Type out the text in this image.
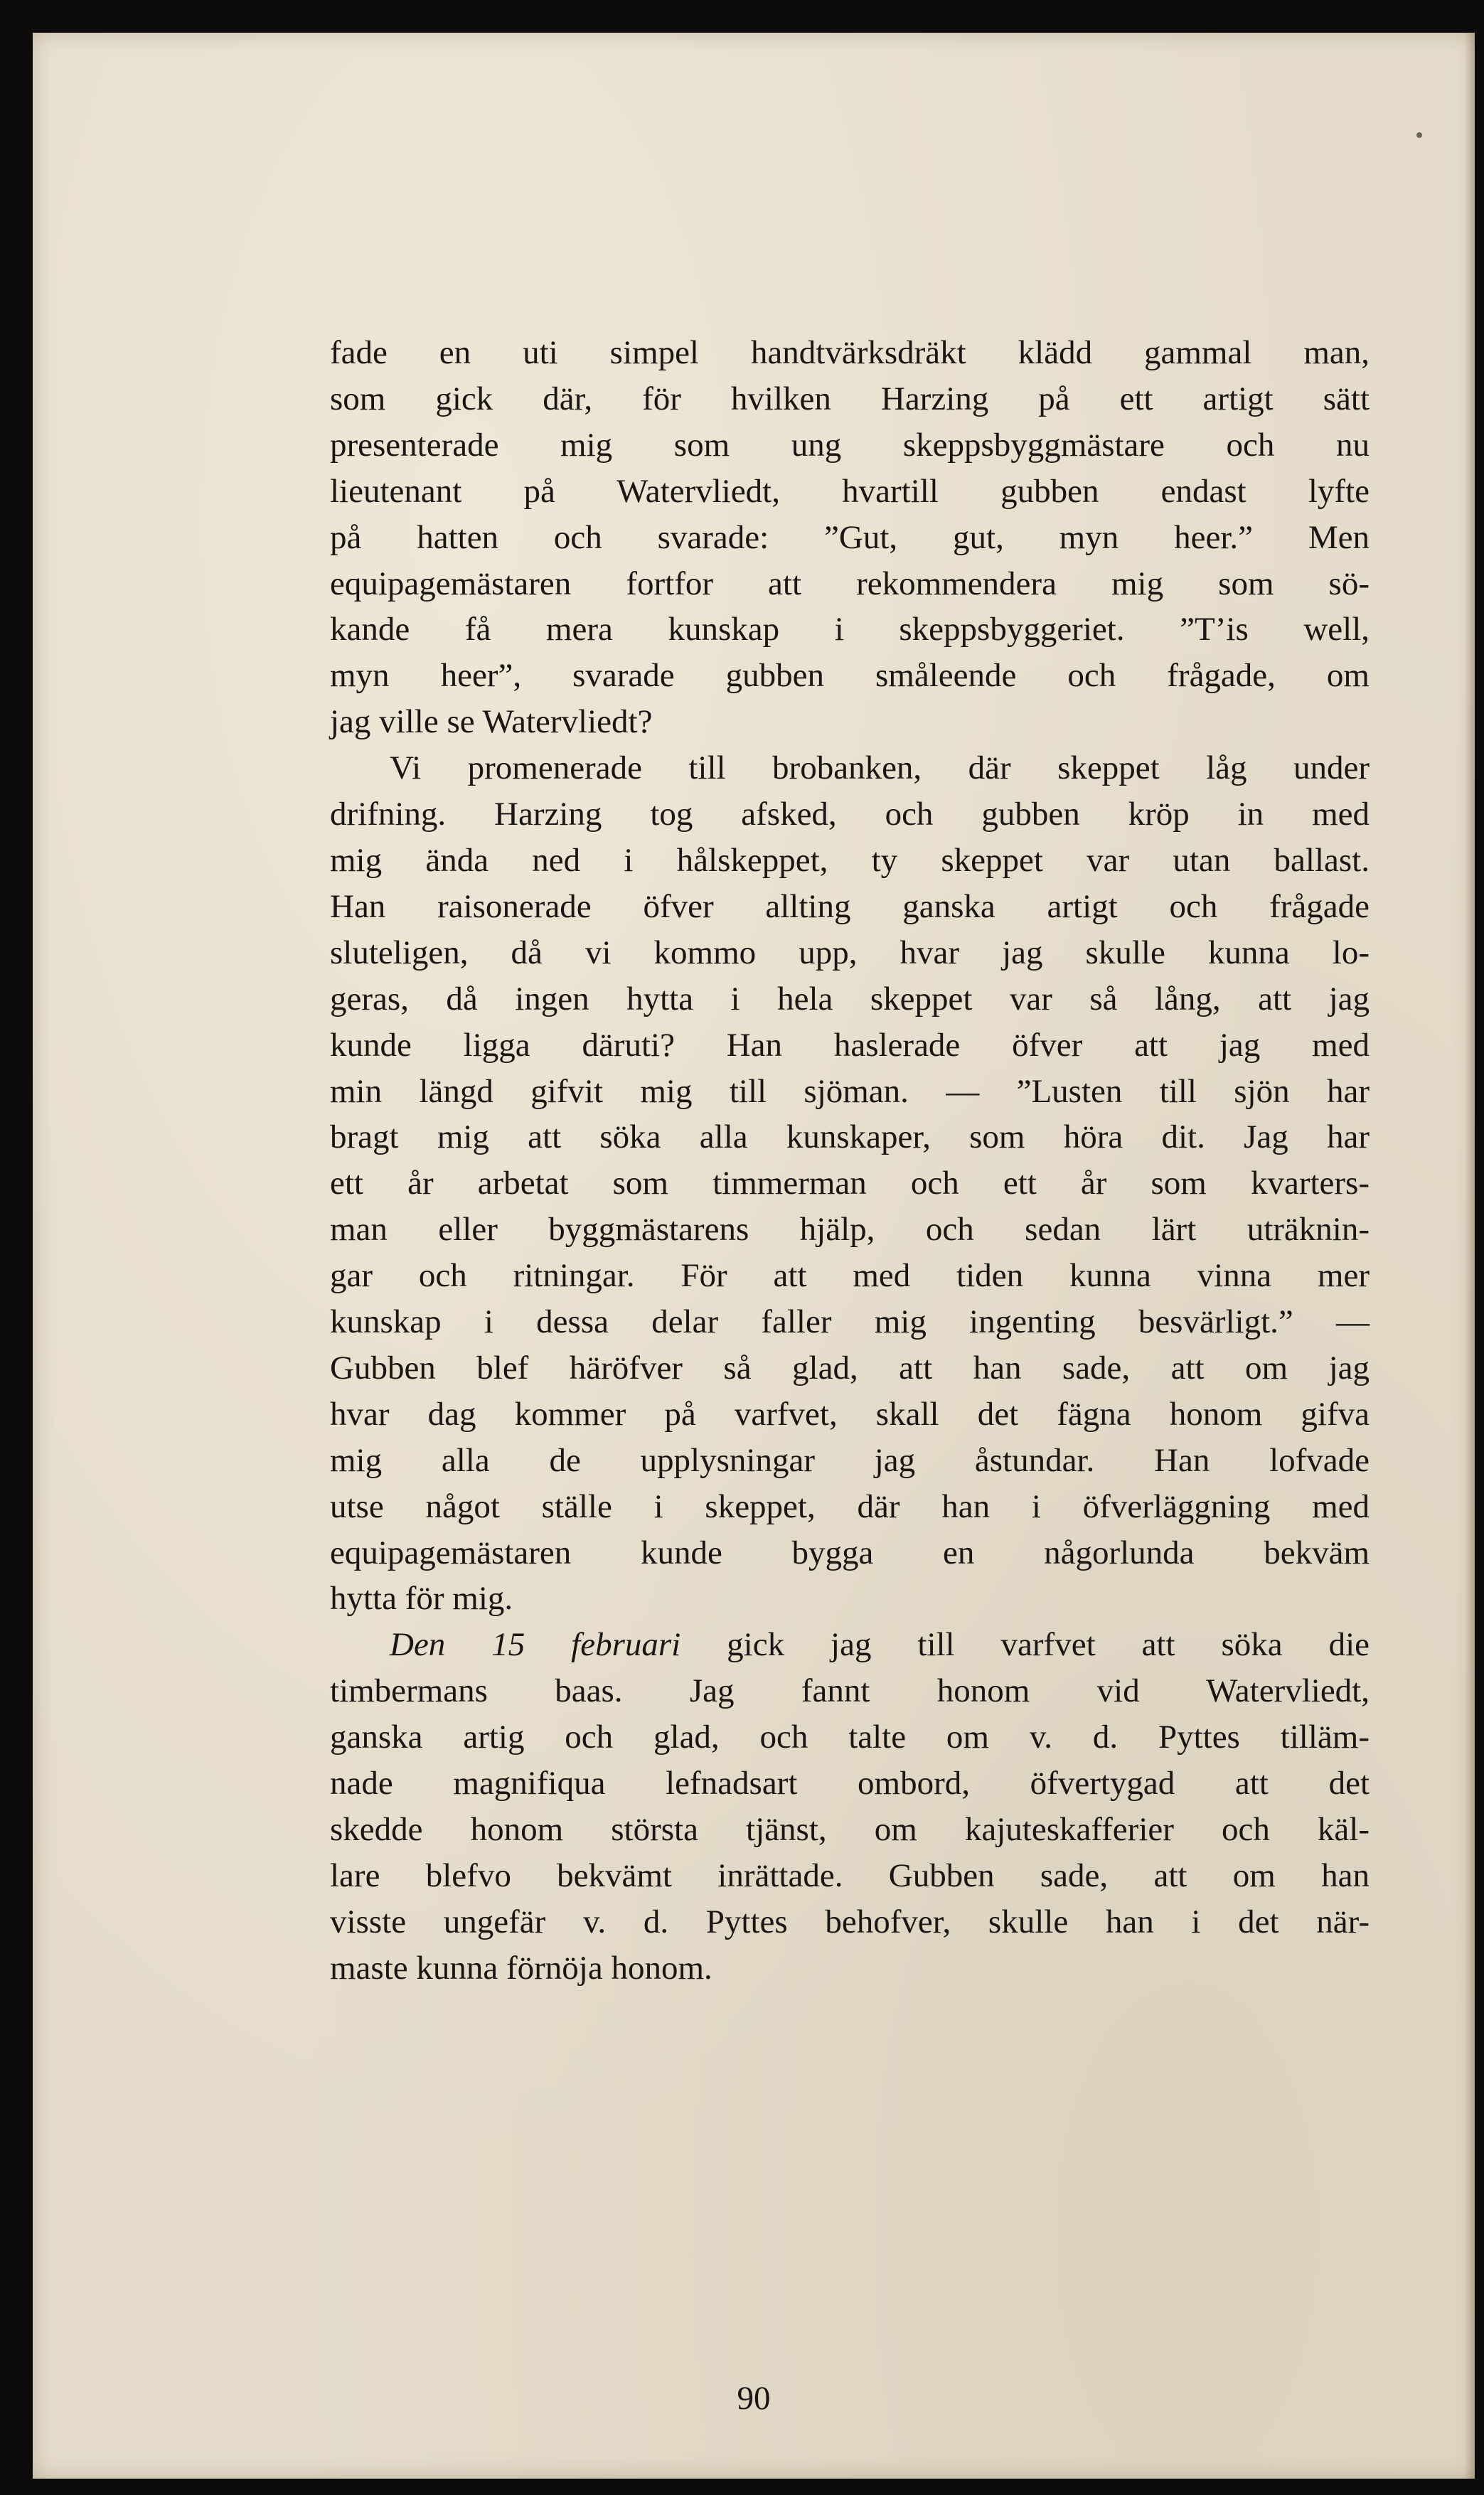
fade en uti simpel handtvärksdräkt klädd gammal man,
som gick där, för hvilken Harzing på ett artigt sätt
presenterade mig som ung skeppsbyggmästare och nu
lieutenant på Watervliedt, hvartill gubben endast lyfte
på hatten och svarade: ”Gut, gut, myn heer.” Men
equipagemästaren fortfor att rekommendera mig som sö-
kande få mera kunskap i skeppsbyggeriet. ”T’is well,
myn heer”, svarade gubben småleende och frågade, om
jag ville se Watervliedt?

Vi promenerade till brobanken, där skeppet låg under
drifning. Harzing tog afsked, och gubben kröp in med
mig ända ned i hålskeppet, ty skeppet var utan ballast.
Han raisonerade öfver allting ganska artigt och frågade
sluteligen, då vi kommo upp, hvar jag skulle kunna lo-
geras, då ingen hytta i hela skeppet var så lång, att jag
kunde ligga däruti? Han haslerade öfver att jag med
min längd gifvit mig till sjöman. — ”Lusten till sjön har
bragt mig att söka alla kunskaper, som höra dit. Jag har
ett år arbetat som timmerman och ett år som kvarters-
man eller byggmästarens hjälp, och sedan lärt uträknin-
gar och ritningar. För att med tiden kunna vinna mer
kunskap i dessa delar faller mig ingenting besvärligt.” —
Gubben blef häröfver så glad, att han sade, att om jag
hvar dag kommer på varfvet, skall det fägna honom gifva
mig alla de upplysningar jag åstundar. Han lofvade
utse något ställe i skeppet, där han i öfverläggning med
equipagemästaren kunde bygga en någorlunda bekväm
hytta för mig.

Den 15 februari gick jag till varfvet att söka die
timbermans baas. Jag fannt honom vid Watervliedt,
ganska artig och glad, och talte om v. d. Pyttes tilläm-
nade magnifiqua lefnadsart ombord, öfvertygad att det
skedde honom största tjänst, om kajuteskafferier och käl-
lare blefvo bekvämt inrättade. Gubben sade, att om han
visste ungefär v. d. Pyttes behofver, skulle han i det när-
maste kunna förnöja honom.

90
